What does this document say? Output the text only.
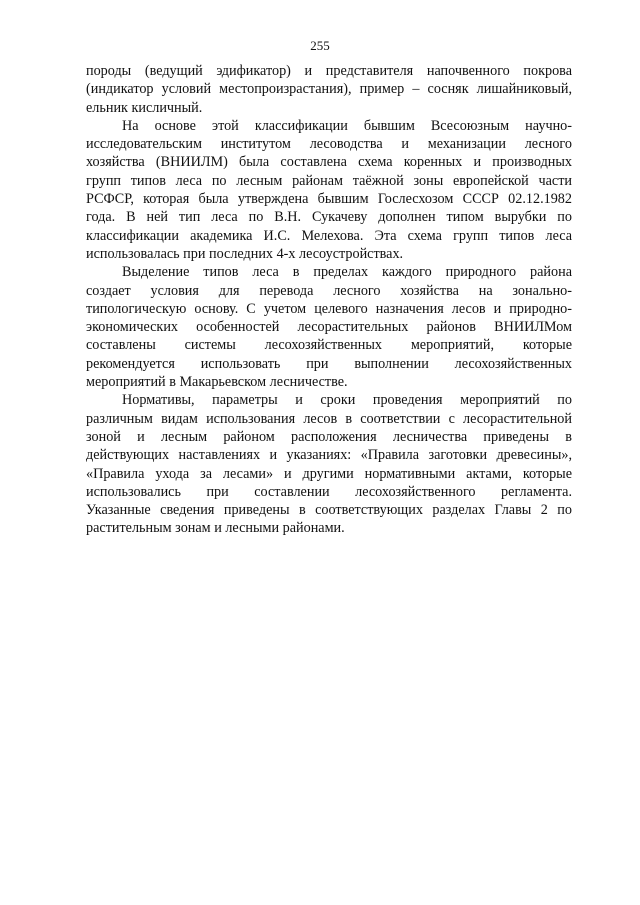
255
породы (ведущий эдификатор) и представителя напочвенного покрова
(индикатор условий местопроизрастания), пример – сосняк лишайниковый,
ельник кисличный.
На основе этой классификации бывшим Всесоюзным научно-
исследовательским институтом лесоводства и механизации лесного
хозяйства (ВНИИЛМ) была составлена схема коренных и производных
групп типов леса по лесным районам таёжной зоны европейской части
РСФСР, которая была утверждена бывшим Гослесхозом СССР 02.12.1982
года. В ней тип леса по В.Н. Сукачеву дополнен типом вырубки по
классификации академика И.С. Мелехова. Эта схема групп типов леса
использовалась при последних 4-х лесоустройствах.
Выделение типов леса в пределах каждого природного района
создает условия для перевода лесного хозяйства на зонально-
типологическую основу. С учетом целевого назначения лесов и природно-
экономических особенностей лесорастительных районов ВНИИЛМом
составлены системы лесохозяйственных мероприятий, которые
рекомендуется использовать при выполнении лесохозяйственных
мероприятий в Макарьевском лесничестве.
Нормативы, параметры и сроки проведения мероприятий по
различным видам использования лесов в соответствии с лесорастительной
зоной и лесным районом расположения лесничества приведены в
действующих наставлениях и указаниях: «Правила заготовки древесины»,
«Правила ухода за лесами» и другими нормативными актами, которые
использовались при составлении лесохозяйственного регламента.
Указанные сведения приведены в соответствующих разделах Главы 2 по
растительным зонам и лесными районами.
